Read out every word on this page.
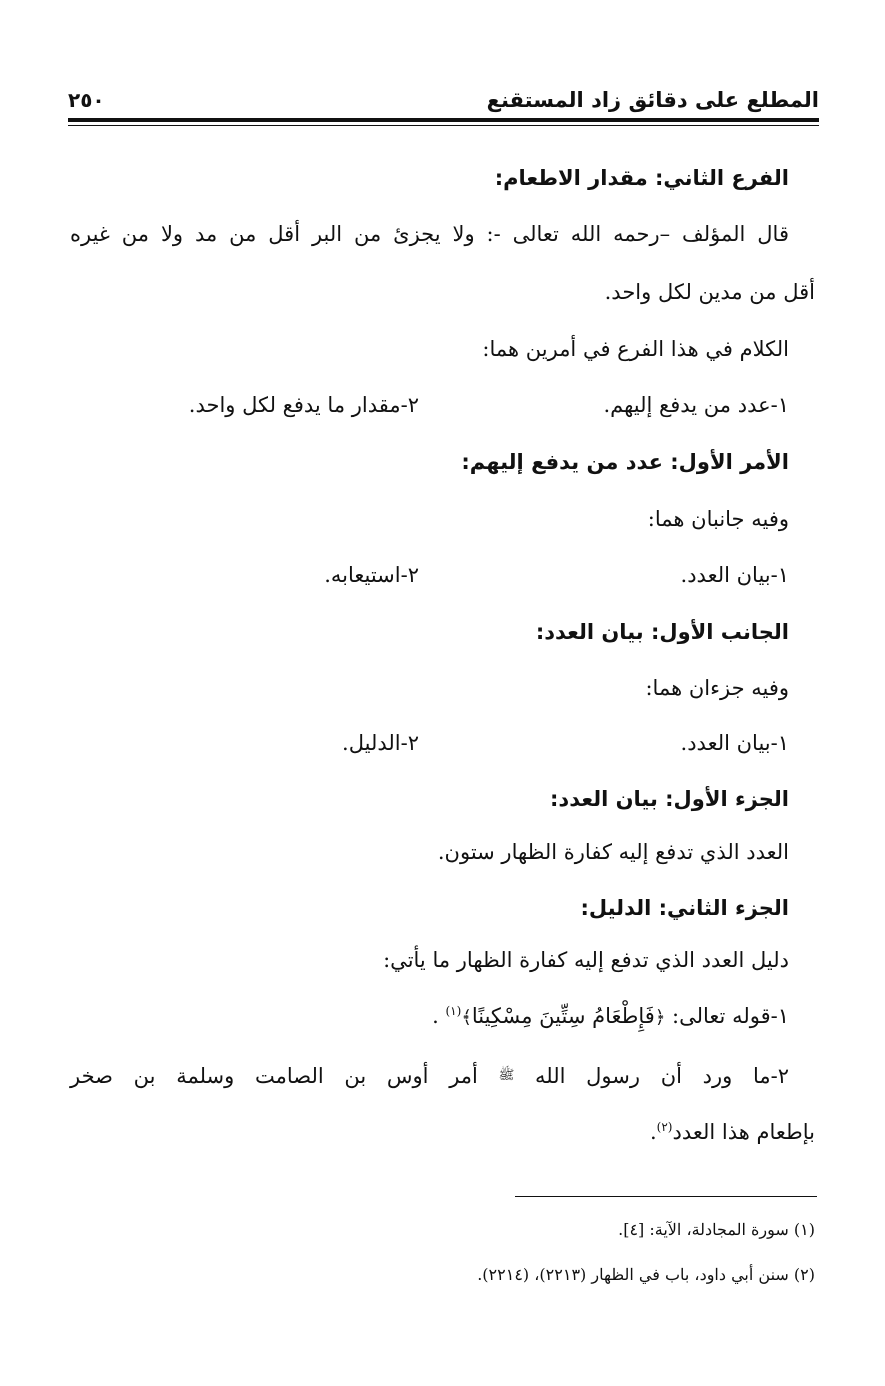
المطلع على دقائق زاد المستقنع
٢٥٠
الفرع الثاني: مقدار الاطعام:
قال المؤلف –رحمه الله تعالى -: ولا يجزئ من البر أقل من مد ولا من غيره
أقل من مدين لكل واحد.
الكلام في هذا الفرع في أمرين هما:
١-عدد من يدفع إليهم.
٢-مقدار ما يدفع لكل واحد.
الأمر الأول: عدد من يدفع إليهم:
وفيه جانبان هما:
١-بيان العدد.
٢-استيعابه.
الجانب الأول: بيان العدد:
وفيه جزءان هما:
١-بيان العدد.
٢-الدليل.
الجزء الأول: بيان العدد:
العدد الذي تدفع إليه كفارة الظهار ستون.
الجزء الثاني: الدليل:
دليل العدد الذي تدفع إليه كفارة الظهار ما يأتي:
١-قوله تعالى: ﴿فَإِطْعَامُ سِتِّينَ مِسْكِينًا﴾$^{(١)}$ .
٢-ما ورد أن رسول الله ﷺ أمر أوس بن الصامت وسلمة بن صخر
بإطعام هذا العدد$^{(٢)}$.
(١) سورة المجادلة، الآية: [٤].
(٢) سنن أبي داود، باب في الظهار (٢٢١٣)، (٢٢١٤).
